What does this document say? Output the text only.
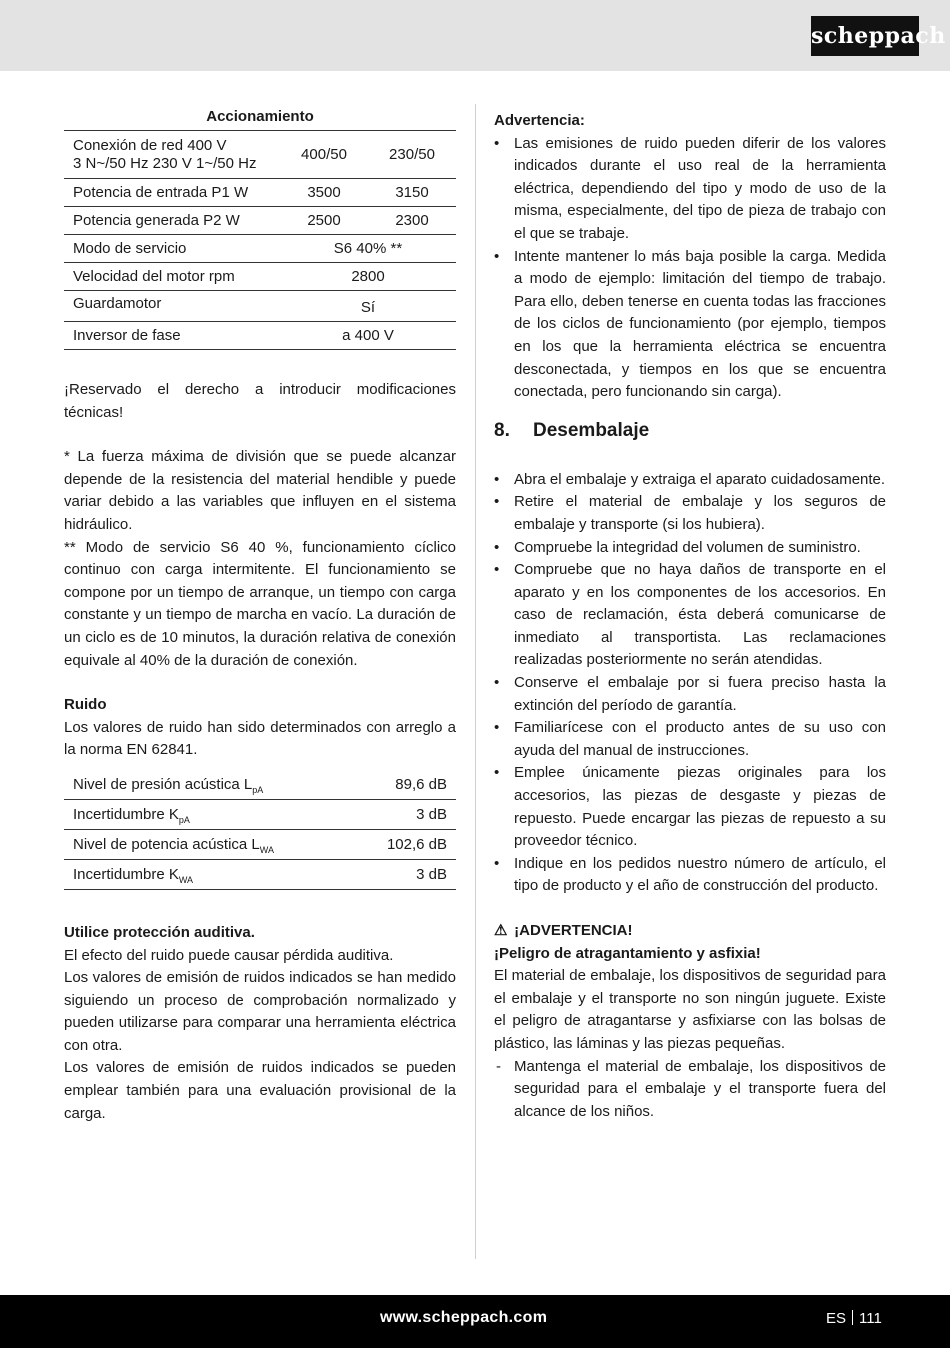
scheppach
Accionamiento
Conexión de red 400 V
3 N~/50 Hz 230 V 1~/50 Hz	400/50	230/50
Potencia de entrada P1 W	3500	3150
Potencia generada P2 W	2500	2300
Modo de servicio	S6 40% **	
Velocidad del motor rpm	2800	
Guardamotor	Sí	
Inversor de fase	a 400 V	

¡Reservado el derecho a introducir modificaciones técnicas!

* La fuerza máxima de división que se puede alcanzar depende de la resistencia del material hendible y puede variar debido a las variables que influyen en el sistema hidráulico.

** Modo de servicio S6 40 %, funcionamiento cíclico continuo con carga intermitente. El funcionamiento se compone por un tiempo de arranque, un tiempo con carga constante y un tiempo de marcha en vacío. La duración de un ciclo es de 10 minutos, la duración relativa de conexión equivale al 40% de la duración de conexión.

Ruido

Los valores de ruido han sido determinados con arreglo a la norma EN 62841.

Nivel de presión acústica $L_{pA}$	89,6 dB
Incertidumbre $K_{pA}$	3 dB
Nivel de potencia acústica $L_{WA}$	102,6 dB
Incertidumbre $K_{WA}$	3 dB

Utilice protección auditiva.

El efecto del ruido puede causar pérdida auditiva.

Los valores de emisión de ruidos indicados se han medido siguiendo un proceso de comprobación normalizado y pueden utilizarse para comparar una herramienta eléctrica con otra.

Los valores de emisión de ruidos indicados se pueden emplear también para una evaluación provisional de la carga.

Advertencia:

• Las emisiones de ruido pueden diferir de los valores indicados durante el uso real de la herramienta eléctrica, dependiendo del tipo y modo de uso de la misma, especialmente, del tipo de pieza de trabajo con el que se trabaje.
• Intente mantener lo más baja posible la carga. Medida a modo de ejemplo: limitación del tiempo de trabajo. Para ello, deben tenerse en cuenta todas las fracciones de los ciclos de funcionamiento (por ejemplo, tiempos en los que la herramienta eléctrica se encuentra desconectada, y tiempos en los que se encuentra conectada, pero funcionando sin carga).
8. Desembalaje
• Abra el embalaje y extraiga el aparato cuidadosamente.
• Retire el material de embalaje y los seguros de embalaje y transporte (si los hubiera).
• Compruebe la integridad del volumen de suministro.
• Compruebe que no haya daños de transporte en el aparato y en los componentes de los accesorios. En caso de reclamación, ésta deberá comunicarse de inmediato al transportista. Las reclamaciones realizadas posteriormente no serán atendidas.
• Conserve el embalaje por si fuera preciso hasta la extinción del período de garantía.
• Familiarícese con el producto antes de su uso con ayuda del manual de instrucciones.
• Emplee únicamente piezas originales para los accesorios, las piezas de desgaste y piezas de repuesto. Puede encargar las piezas de repuesto a su proveedor técnico.
• Indique en los pedidos nuestro número de artículo, el tipo de producto y el año de construcción del producto.

⚠ ¡ADVERTENCIA!

¡Peligro de atragantamiento y asfixia!

El material de embalaje, los dispositivos de seguridad para el embalaje y el transporte no son ningún juguete. Existe el peligro de atragantarse y asfixiarse con las bolsas de plástico, las láminas y las piezas pequeñas.

- Mantenga el material de embalaje, los dispositivos de seguridad para el embalaje y el transporte fuera del alcance de los niños.
www.scheppach.com	ES 111
